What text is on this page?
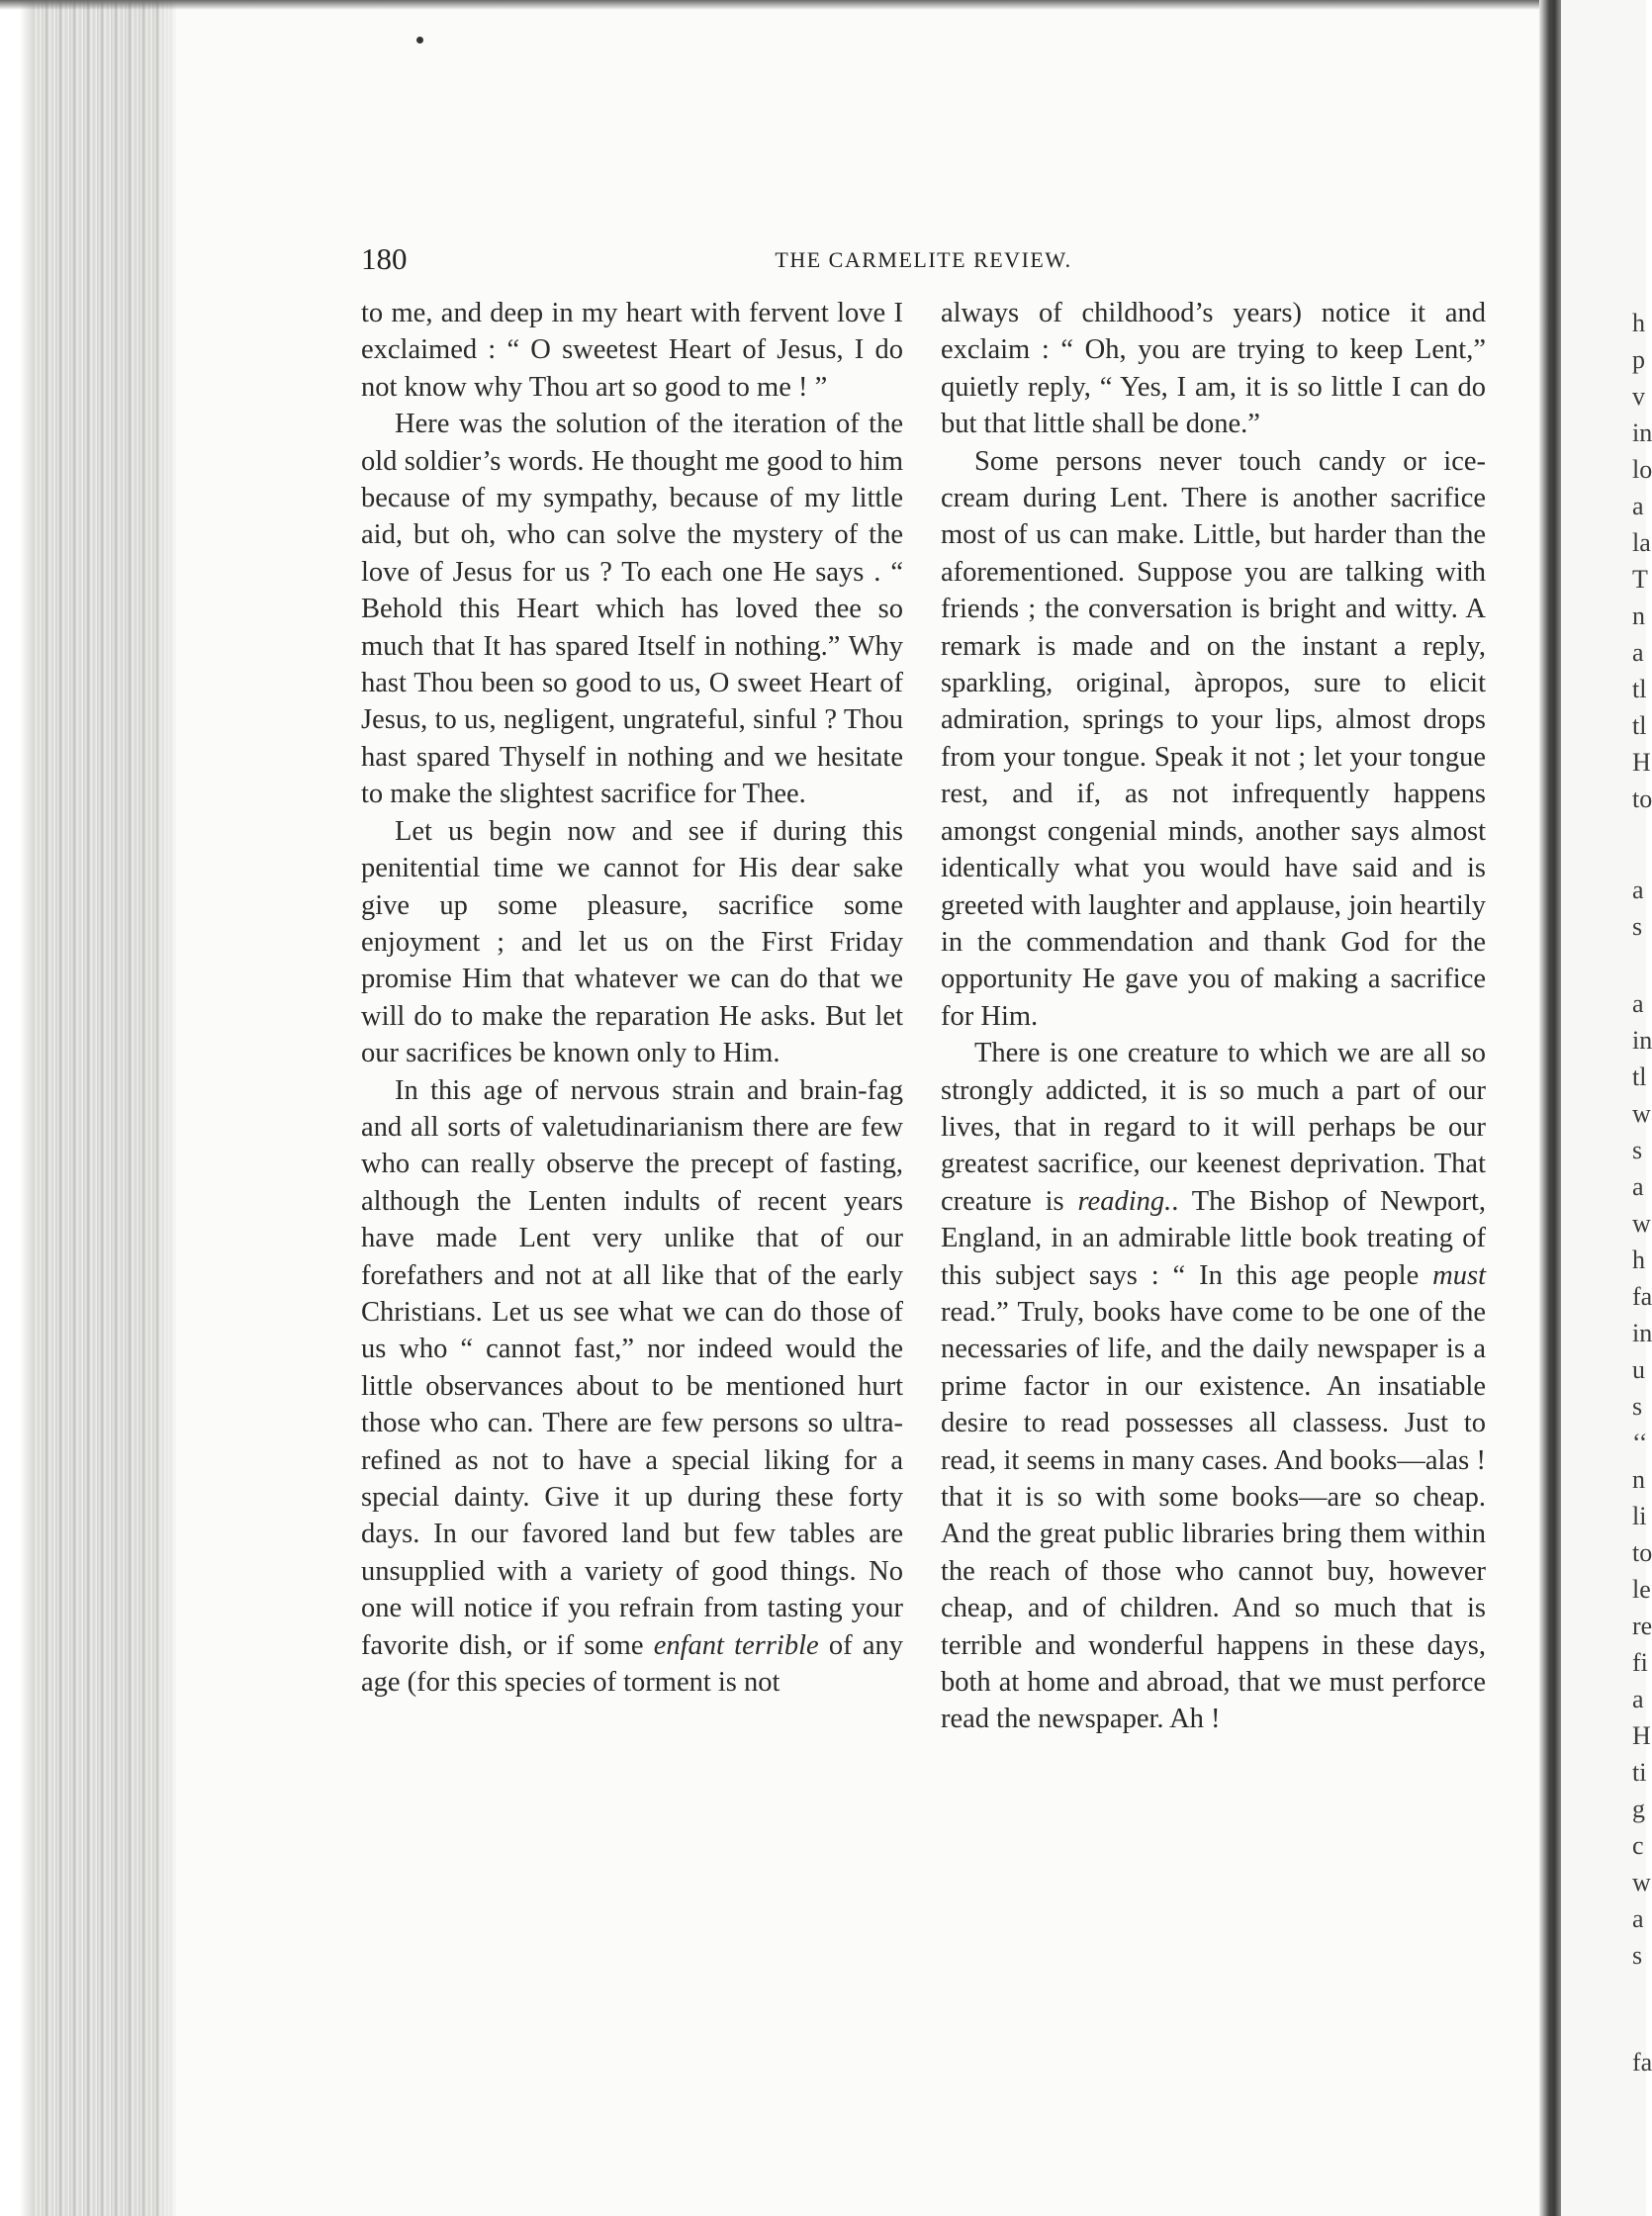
h
p
v
in
lo
a
la
T
n
a
tl
tl
H
to
a
s
a
in
tl
w
s
a
w
h
fa
in
u
s
‘‘
n
li
to
le
re
fi
a
H
ti
g
c
w
a
s
fa
180	THE CARMELITE REVIEW.

to me, and deep in my heart with fervent love I exclaimed : “ O sweetest Heart of Jesus, I do not know why Thou art so good to me ! ”

Here was the solution of the iteration of the old soldier’s words. He thought me good to him because of my sympathy, because of my little aid, but oh, who can solve the mystery of the love of Jesus for us ? To each one He says . “ Behold this Heart which has loved thee so much that It has spared Itself in nothing.” Why hast Thou been so good to us, O sweet Heart of Jesus, to us, negligent, ungrateful, sinful ? Thou hast spared Thyself in nothing and we hesitate to make the slightest sacrifice for Thee.

Let us begin now and see if during this penitential time we cannot for His dear sake give up some pleasure, sacrifice some enjoyment ; and let us on the First Friday promise Him that whatever we can do that we will do to make the reparation He asks. But let our sacrifices be known only to Him.

In this age of nervous strain and brain-fag and all sorts of valetudinarianism there are few who can really observe the precept of fasting, although the Lenten indults of recent years have made Lent very unlike that of our forefathers and not at all like that of the early Christians. Let us see what we can do those of us who “ cannot fast,” nor indeed would the little observances about to be mentioned hurt those who can. There are few persons so ultra-refined as not to have a special liking for a special dainty. Give it up during these forty days. In our favored land but few tables are unsupplied with a variety of good things. No one will notice if you refrain from tasting your favorite dish, or if some enfant terrible of any age (for this species of torment is not

always of childhood’s years) notice it and exclaim : “ Oh, you are trying to keep Lent,” quietly reply, “ Yes, I am, it is so little I can do but that little shall be done.”

Some persons never touch candy or ice-cream during Lent. There is another sacrifice most of us can make. Little, but harder than the aforementioned. Suppose you are talking with friends ; the conversation is bright and witty. A remark is made and on the instant a reply, sparkling, original, àpropos, sure to elicit admiration, springs to your lips, almost drops from your tongue. Speak it not ; let your tongue rest, and if, as not infrequently happens amongst congenial minds, another says almost identically what you would have said and is greeted with laughter and applause, join heartily in the commendation and thank God for the opportunity He gave you of making a sacrifice for Him.

There is one creature to which we are all so strongly addicted, it is so much a part of our lives, that in regard to it will perhaps be our greatest sacrifice, our keenest deprivation. That creature is reading.. The Bishop of Newport, England, in an admirable little book treating of this subject says : “ In this age people must read.” Truly, books have come to be one of the necessaries of life, and the daily newspaper is a prime factor in our existence. An insatiable desire to read possesses all classess. Just to read, it seems in many cases. And books—alas ! that it is so with some books—are so cheap. And the great public libraries bring them within the reach of those who cannot buy, however cheap, and of children. And so much that is terrible and wonderful happens in these days, both at home and abroad, that we must perforce read the newspaper. Ah !
